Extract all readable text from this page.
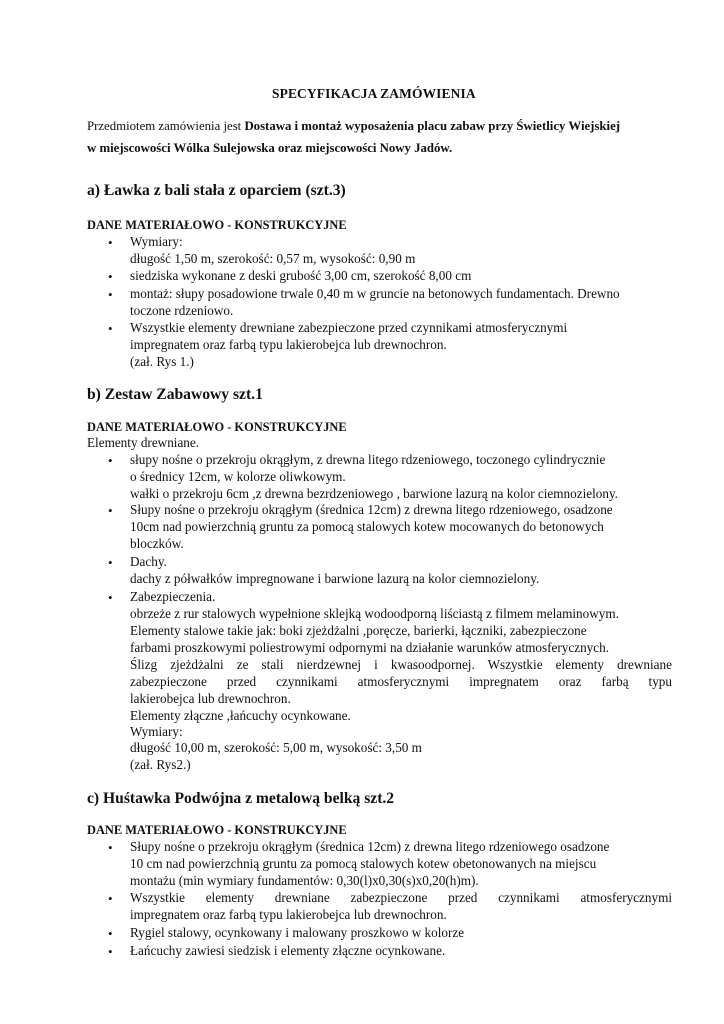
SPECYFIKACJA ZAMÓWIENIA
Przedmiotem zamówienia jest Dostawa i montaż wyposażenia placu zabaw przy Świetlicy Wiejskiej
w miejscowości Wólka Sulejowska oraz miejscowości Nowy Jadów.
a) Ławka z bali stała z oparciem (szt.3)
DANE MATERIAŁOWO - KONSTRUKCYJNE
• Wymiary:
długość 1,50 m, szerokość: 0,57 m, wysokość: 0,90 m
• siedziska wykonane z deski grubość 3,00 cm, szerokość 8,00 cm
• montaż: słupy posadowione trwale 0,40 m w gruncie na betonowych fundamentach. Drewno
toczone rdzeniowo.
• Wszystkie elementy drewniane zabezpieczone przed czynnikami atmosferycznymi
impregnatem oraz farbą typu lakierobejca lub drewnochron.
(zał. Rys 1.)
b) Zestaw Zabawowy szt.1
DANE MATERIAŁOWO - KONSTRUKCYJNE
Elementy drewniane.
• słupy nośne o przekroju okrągłym, z drewna litego rdzeniowego, toczonego cylindrycznie
o średnicy 12cm, w kolorze oliwkowym.
wałki o przekroju 6cm ,z drewna bezrdzeniowego , barwione lazurą na kolor ciemnozielony.
• Słupy nośne o przekroju okrągłym (średnica 12cm) z drewna litego rdzeniowego, osadzone
10cm nad powierzchnią gruntu za pomocą stalowych kotew mocowanych do betonowych
bloczków.
• Dachy.
dachy z półwałków impregnowane i barwione lazurą na kolor ciemnozielony.
• Zabezpieczenia.
obrzeże z rur stalowych wypełnione sklejką wodoodporną liściastą z filmem melaminowym.
Elementy stalowe takie jak: boki zjeżdżalni ,poręcze, barierki, łączniki, zabezpieczone
farbami proszkowymi poliestrowymi odpornymi na działanie warunków atmosferycznych.
Ślizg zjeżdżalni ze stali nierdzewnej i kwasoodpornej. Wszystkie elementy drewniane
zabezpieczone przed czynnikami atmosferycznymi impregnatem oraz farbą typu
lakierobejca lub drewnochron.
Elementy złączne ,łańcuchy ocynkowane.
Wymiary:
długość 10,00 m, szerokość: 5,00 m, wysokość: 3,50 m
(zał. Rys2.)
c) Huśtawka Podwójna z metalową belką szt.2
DANE MATERIAŁOWO - KONSTRUKCYJNE
• Słupy nośne o przekroju okrągłym (średnica 12cm) z drewna litego rdzeniowego osadzone
10 cm nad powierzchnią gruntu za pomocą stalowych kotew obetonowanych na miejscu
montażu (min wymiary fundamentów: 0,30(l)x0,30(s)x0,20(h)m).
• Wszystkie elementy drewniane zabezpieczone przed czynnikami atmosferycznymi
impregnatem oraz farbą typu lakierobejca lub drewnochron.
• Rygiel stalowy, ocynkowany i malowany proszkowo w kolorze
• Łańcuchy zawiesi siedzisk i elementy złączne ocynkowane.
